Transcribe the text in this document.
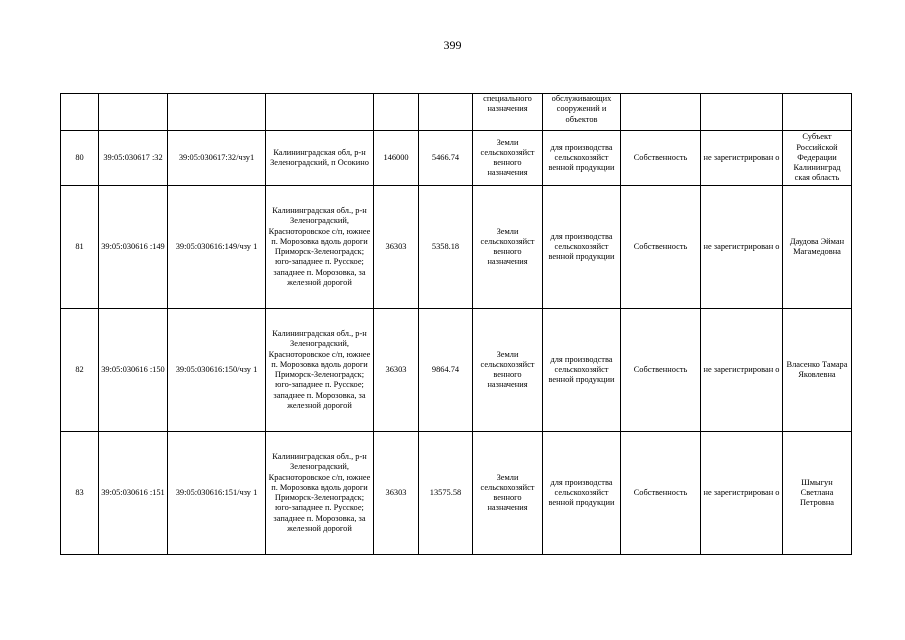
399
						специального назначения	обслуживающих сооружений и объектов			
80	39:05:030617 :32	39:05:030617:32/чзу1	Калининградская обл, р-н Зеленоградский, п Осокино	146000	5466.74	Земли сельскохозяйст венного назначения	для производства сельскохозяйст венной продукции	Собственность	не зарегистрирован о	Субъект Российской Федерации Калининград ская область
81	39:05:030616 :149	39:05:030616:149/чзу 1	Калининградская обл., р-н Зеленоградский, Красноторовское с/п, южнее п. Морозовка вдоль дороги Приморск-Зеленоградск; юго-западнее п. Русское; западнее п. Морозовка, за железной дорогой	36303	5358.18	Земли сельскохозяйст венного назначения	для производства сельскохозяйст венной продукции	Собственность	не зарегистрирован о	Даудова Эйман Магамедовна
82	39:05:030616 :150	39:05:030616:150/чзу 1	Калининградская обл., р-н Зеленоградский, Красноторовское с/п, южнее п. Морозовка вдоль дороги Приморск-Зеленоградск; юго-западнее п. Русское; западнее п. Морозовка, за железной дорогой	36303	9864.74	Земли сельскохозяйст венного назначения	для производства сельскохозяйст венной продукции	Собственность	не зарегистрирован о	Власенко Тамара Яковлевна
83	39:05:030616 :151	39:05:030616:151/чзу 1	Калининградская обл., р-н Зеленоградский, Красноторовское с/п, южнее п. Морозовка вдоль дороги Приморск-Зеленоградск; юго-западнее п. Русское; западнее п. Морозовка, за железной дорогой	36303	13575.58	Земли сельскохозяйст венного назначения	для производства сельскохозяйст венной продукции	Собственность	не зарегистрирован о	Шмыгун Светлана Петровна
